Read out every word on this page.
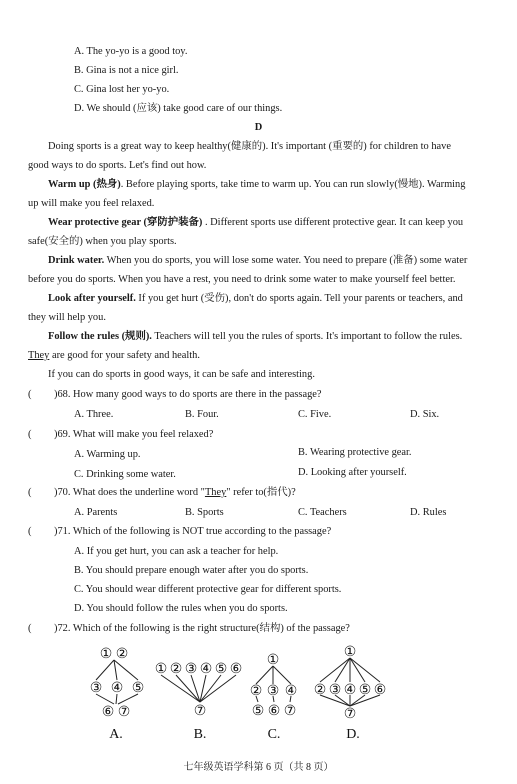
A. The yo-yo is a good toy.
B. Gina is not a nice girl.
C. Gina lost her yo-yo.
D. We should (应该) take good care of our things.
D
Doing sports is a great way to keep healthy(健康的). It's important (重要的) for children to have
good ways to do sports. Let's find out how.
Warm up (热身). Before playing sports, take time to warm up. You can run slowly(慢地). Warming
up will make you feel relaxed.
Wear protective gear (穿防护装备) . Different sports use different protective gear. It can keep you
safe(安全的) when you play sports.
Drink water. When you do sports, you will lose some water. You need to prepare (准备) some water
before you do sports. When you have a rest, you need to drink some water to make yourself feel better.
Look after yourself. If you get hurt (受伤), don't do sports again. Tell your parents or teachers, and
they will help you.
Follow the rules (规则). Teachers will tell you the rules of sports. It's important to follow the rules.
They are good for your safety and health.
If you can do sports in good ways, it can be safe and interesting.
( )68. How many good ways to do sports are there in the passage?
A. Three.	B. Four.	C. Five.	D. Six.
( )69. What will make you feel relaxed?
A. Warming up.	B. Wearing protective gear.
C. Drinking some water.	D. Looking after yourself.
( )70. What does the underline word "They" refer to(指代)?
A. Parents	B. Sports	C. Teachers	D. Rules
( )71. Which of the following is NOT true according to the passage?
A. If you get hurt, you can ask a teacher for help.
B. You should prepare enough water after you do sports.
C. You should wear different protective gear for different sports.
D. You should follow the rules when you do sports.
( )72. Which of the following is the right structure(结构) of the passage?
① ②
③ ④ ⑤
⑥ ⑦
① ② ③ ④ ⑤ ⑥
⑦
①
② ③ ④
⑤ ⑥ ⑦
①
② ③ ④ ⑤ ⑥
⑦
A.	B.	C.	D.
七年级英语学科第 6 页（共 8 页）
